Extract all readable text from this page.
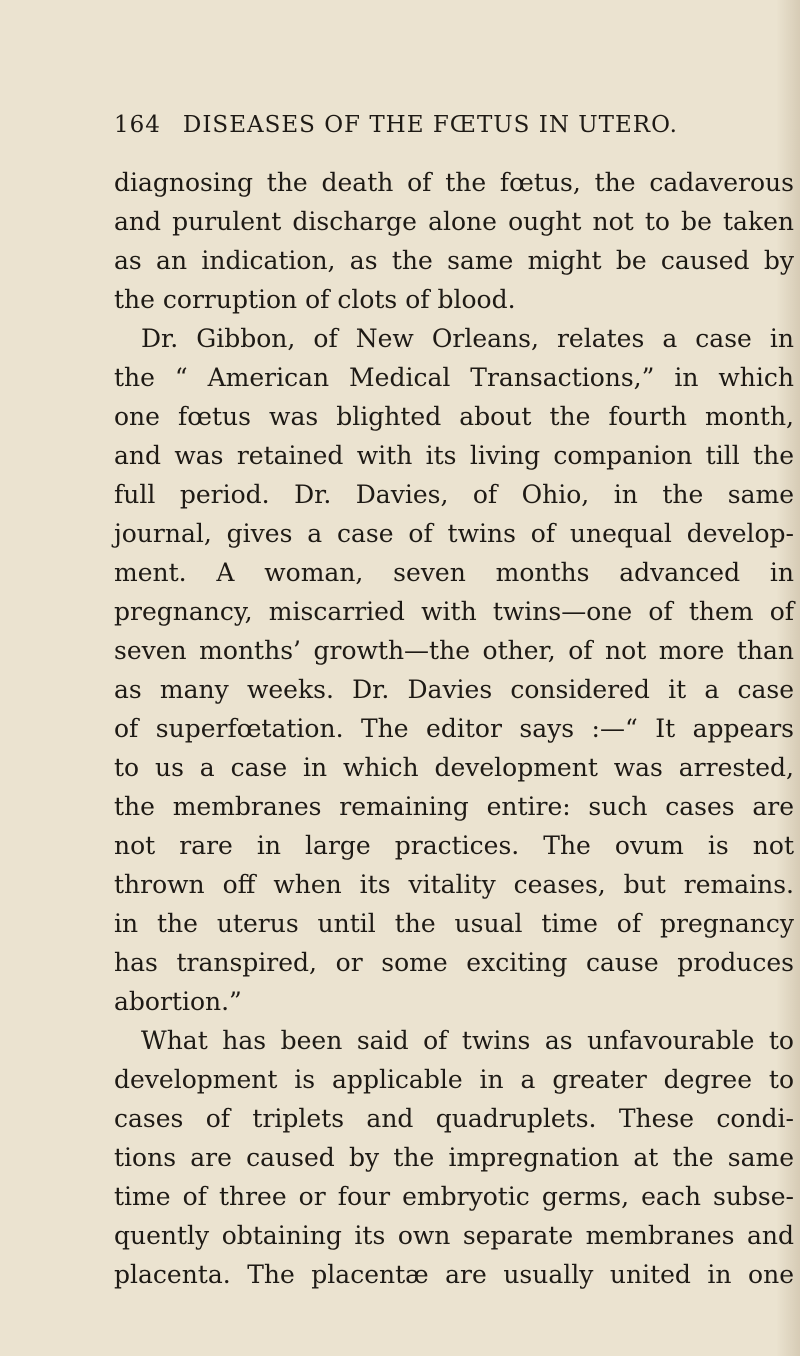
164 DISEASES OF THE FŒTUS IN UTERO.
diagnosing the death of the fœtus, the cadaverous
and purulent discharge alone ought not to be taken
as an indication, as the same might be caused by
the corruption of clots of blood.
Dr. Gibbon, of New Orleans, relates a case in
the “ American Medical Transactions,” in which
one fœtus was blighted about the fourth month,
and was retained with its living companion till the
full period. Dr. Davies, of Ohio, in the same
journal, gives a case of twins of unequal develop-
ment. A woman, seven months advanced in
pregnancy, miscarried with twins—one of them of
seven months’ growth—the other, of not more than
as many weeks. Dr. Davies considered it a case
of superfœtation. The editor says :—“ It appears
to us a case in which development was arrested,
the membranes remaining entire: such cases are
not rare in large practices. The ovum is not
thrown off when its vitality ceases, but remains.
in the uterus until the usual time of pregnancy
has transpired, or some exciting cause produces
abortion.”
What has been said of twins as unfavourable to
development is applicable in a greater degree to
cases of triplets and quadruplets. These condi-
tions are caused by the impregnation at the same
time of three or four embryotic germs, each subse-
quently obtaining its own separate membranes and
placenta. The placentæ are usually united in one
